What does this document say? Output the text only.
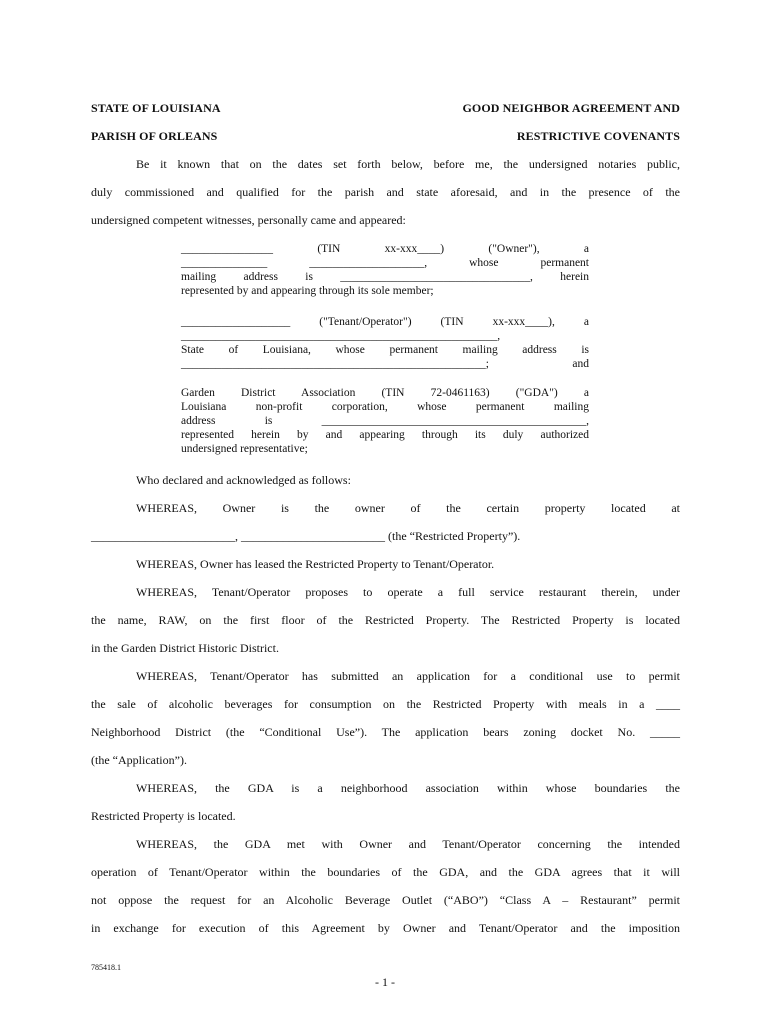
STATE OF LOUISIANA	GOOD NEIGHBOR AGREEMENT AND
PARISH OF ORLEANS	RESTRICTIVE COVENANTS
Be it known that on the dates set forth below, before me, the undersigned notaries public,
duly commissioned and qualified for the parish and state aforesaid, and in the presence of the
undersigned competent witnesses, personally came and appeared:
________________ (TIN xx-xxx____) ("Owner"), a
_______________ ____________________, whose permanent
mailing address is _________________________________, herein
represented by and appearing through its sole member;
___________________ ("Tenant/Operator") (TIN xx-xxx____), a
_______________________________________________________,
State of Louisiana, whose permanent mailing address is
_____________________________________________________; and
Garden District Association (TIN 72-0461163) ("GDA") a
Louisiana non-profit corporation, whose permanent mailing
address is ______________________________________________,
represented herein by and appearing through its duly authorized
undersigned representative;
Who declared and acknowledged as follows:
WHEREAS, Owner is the owner of the certain property located at
________________________, ________________________ (the “Restricted Property”).
WHEREAS, Owner has leased the Restricted Property to Tenant/Operator.
WHEREAS, Tenant/Operator proposes to operate a full service restaurant therein, under
the name, RAW, on the first floor of the Restricted Property. The Restricted Property is located
in the Garden District Historic District.
WHEREAS, Tenant/Operator has submitted an application for a conditional use to permit
the sale of alcoholic beverages for consumption on the Restricted Property with meals in a ____
Neighborhood District (the “Conditional Use”). The application bears zoning docket No. _____
(the “Application”).
WHEREAS, the GDA is a neighborhood association within whose boundaries the
Restricted Property is located.
WHEREAS, the GDA met with Owner and Tenant/Operator concerning the intended
operation of Tenant/Operator within the boundaries of the GDA, and the GDA agrees that it will
not oppose the request for an Alcoholic Beverage Outlet (“ABO”) “Class A – Restaurant” permit
in exchange for execution of this Agreement by Owner and Tenant/Operator and the imposition
785418.1
- 1 -
